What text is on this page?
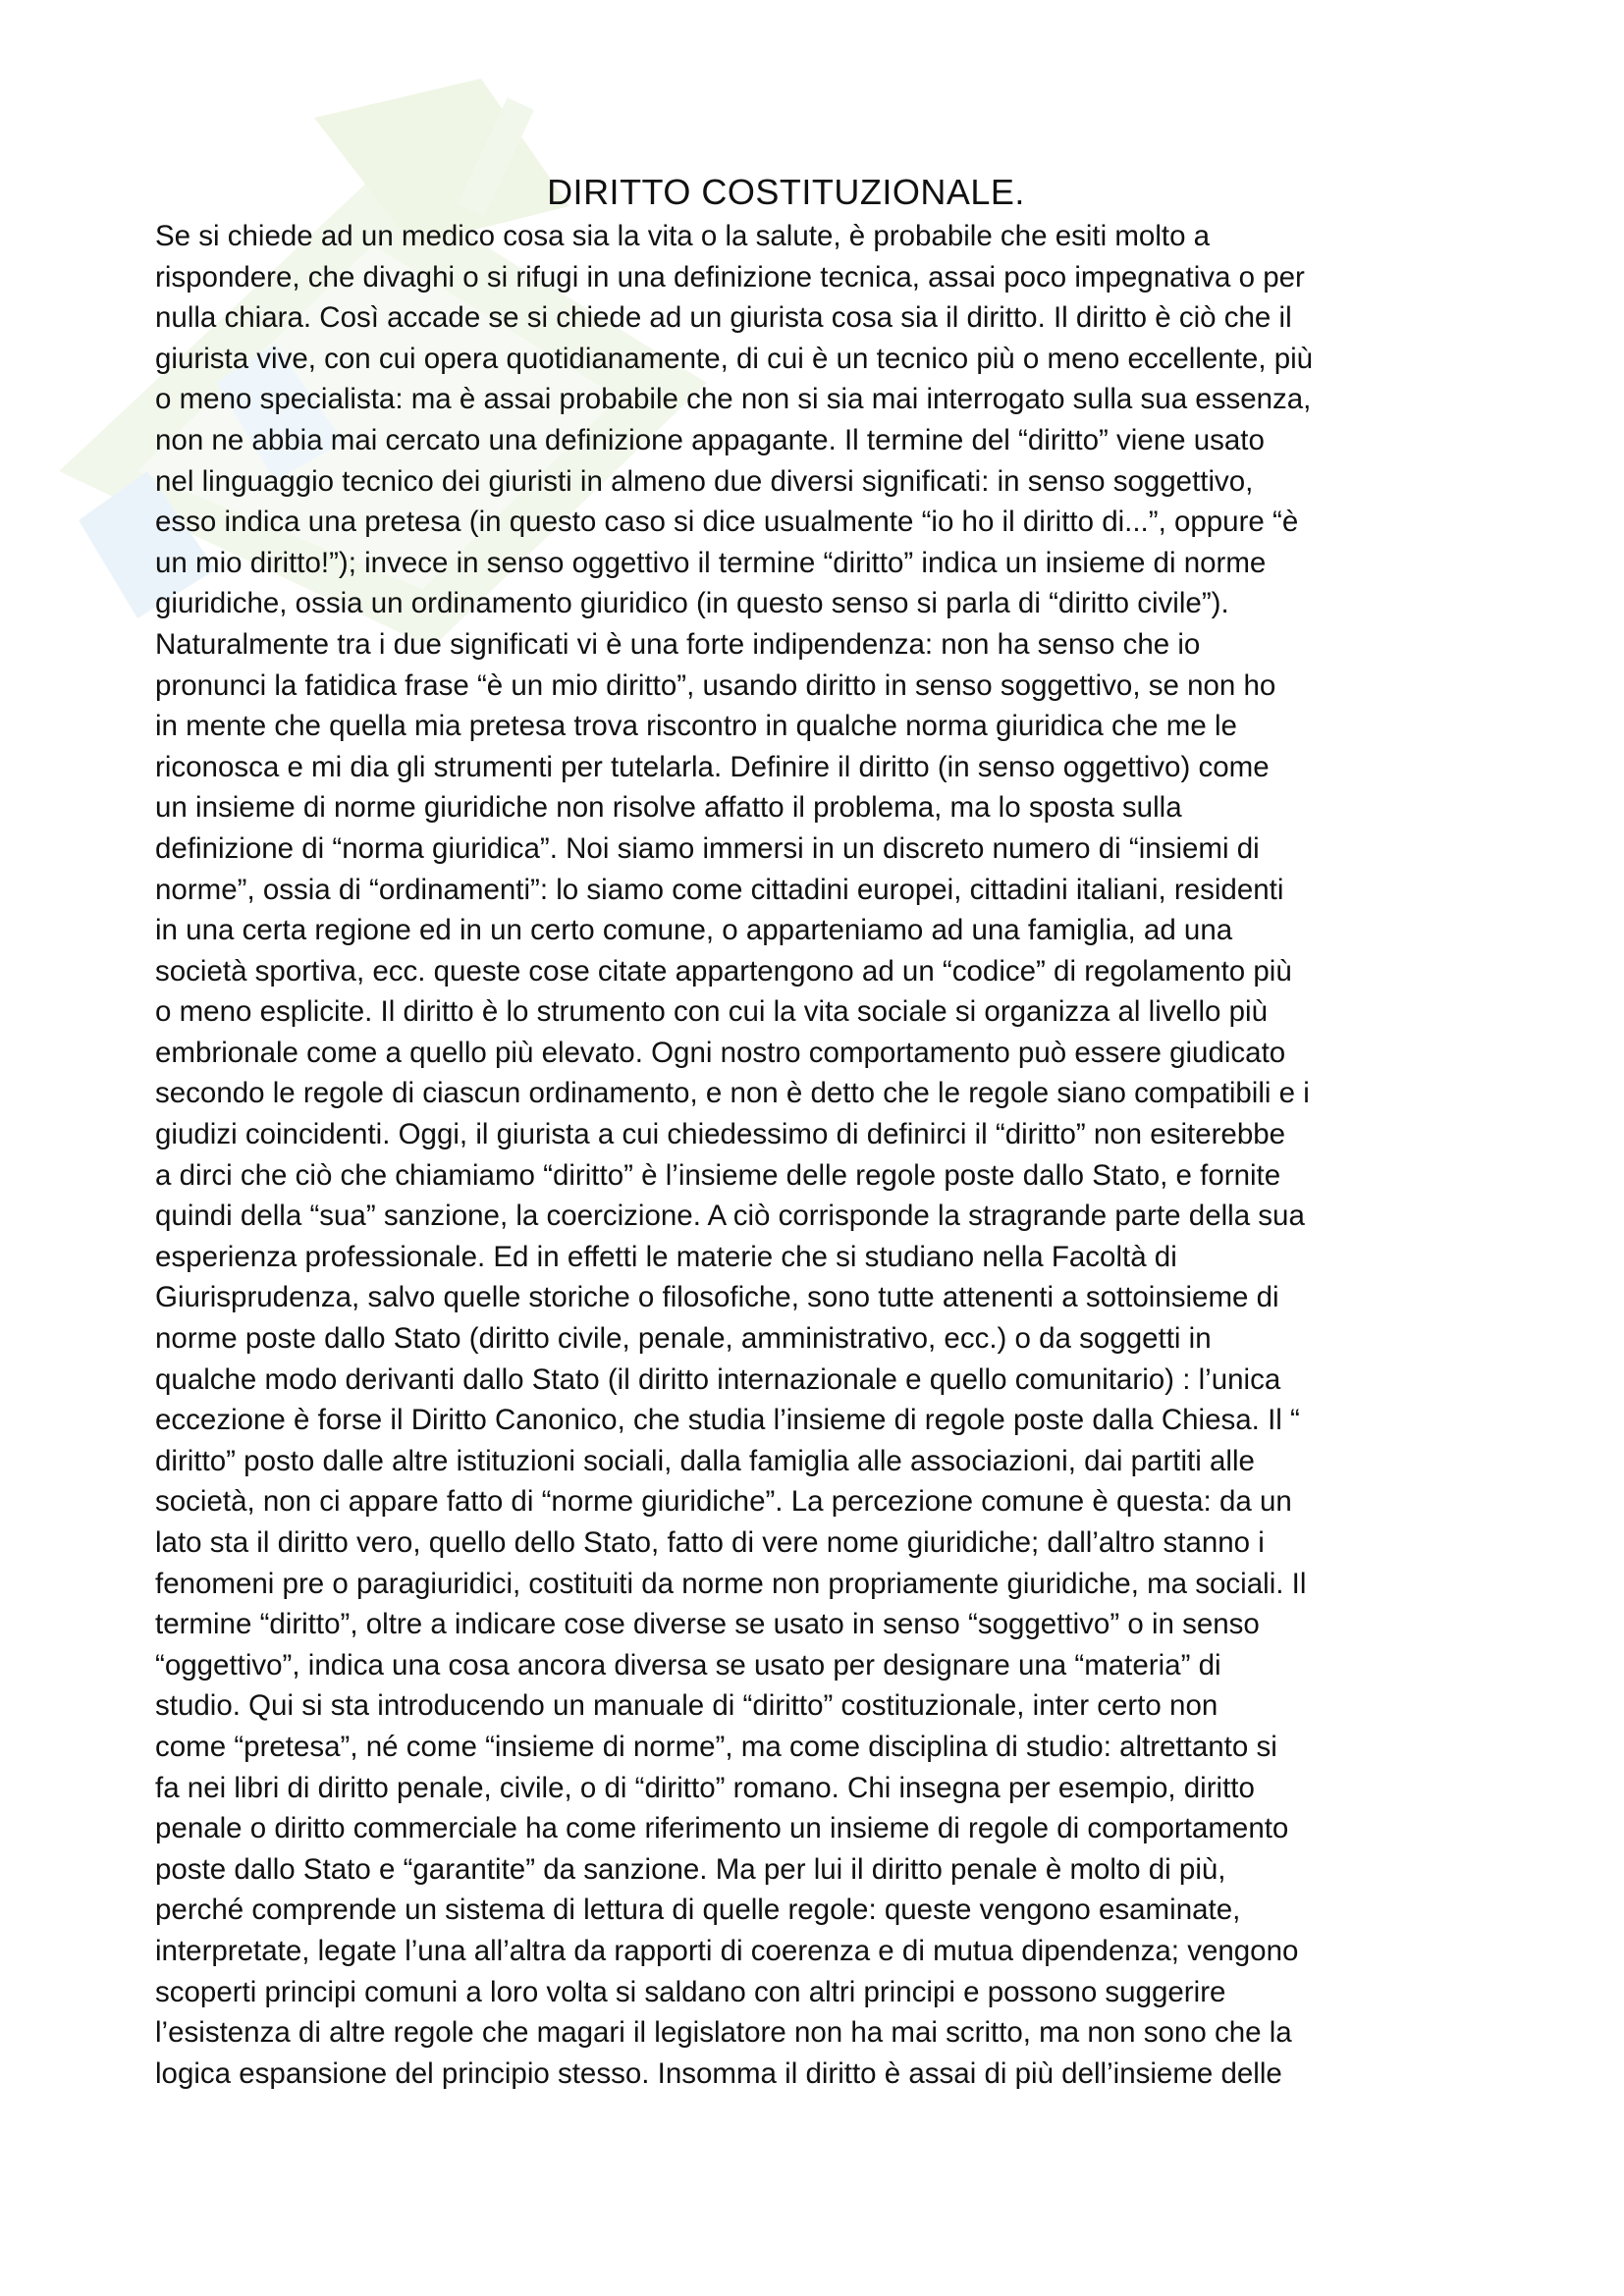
DIRITTO COSTITUZIONALE.

Se si chiede ad un medico cosa sia la vita o la salute, è probabile che esiti molto a

rispondere, che divaghi o si rifugi in una definizione tecnica, assai poco impegnativa o per

nulla chiara. Così accade se si chiede ad un giurista cosa sia il diritto. Il diritto è ciò che il

giurista vive, con cui opera quotidianamente, di cui è un tecnico più o meno eccellente, più

o meno specialista: ma è assai probabile che non si sia mai interrogato sulla sua essenza,

non ne abbia mai cercato una definizione appagante. Il termine del “diritto” viene usato

nel linguaggio tecnico dei giuristi in almeno due diversi significati: in senso soggettivo,

esso indica una pretesa (in questo caso si dice usualmente “io ho il diritto di...”, oppure “è

un mio diritto!”); invece in senso oggettivo il termine “diritto” indica un insieme di norme

giuridiche, ossia un ordinamento giuridico (in questo senso si parla di “diritto civile”).

Naturalmente tra i due significati vi è una forte indipendenza: non ha senso che io

pronunci la fatidica frase “è un mio diritto”, usando diritto in senso soggettivo, se non ho

in mente che quella mia pretesa trova riscontro in qualche norma giuridica che me le

riconosca e mi dia gli strumenti per tutelarla. Definire il diritto (in senso oggettivo) come

un insieme di norme giuridiche non risolve affatto il problema, ma lo sposta sulla

definizione di “norma giuridica”. Noi siamo immersi in un discreto numero di “insiemi di

norme”, ossia di “ordinamenti”: lo siamo come cittadini europei, cittadini italiani, residenti

in una certa regione ed in un certo comune, o apparteniamo ad una famiglia, ad una

società sportiva, ecc. queste cose citate appartengono ad un “codice” di regolamento più

o meno esplicite. Il diritto è lo strumento con cui la vita sociale si organizza al livello più

embrionale come a quello più elevato. Ogni nostro comportamento può essere giudicato

secondo le regole di ciascun ordinamento, e non è detto che le regole siano compatibili e i

giudizi coincidenti. Oggi, il giurista a cui chiedessimo di definirci il “diritto” non esiterebbe

a dirci che ciò che chiamiamo “diritto” è l’insieme delle regole poste dallo Stato, e fornite

quindi della “sua” sanzione, la coercizione. A ciò corrisponde la stragrande parte della sua

esperienza professionale. Ed in effetti le materie che si studiano nella Facoltà di

Giurisprudenza, salvo quelle storiche o filosofiche, sono tutte attenenti a sottoinsieme di

norme poste dallo Stato (diritto civile, penale, amministrativo, ecc.) o da soggetti in

qualche modo derivanti dallo Stato (il diritto internazionale e quello comunitario) : l’unica

eccezione è forse il Diritto Canonico, che studia l’insieme di regole poste dalla Chiesa. Il “

diritto” posto dalle altre istituzioni sociali, dalla famiglia alle associazioni, dai partiti alle

società, non ci appare fatto di “norme giuridiche”. La percezione comune è questa: da un

lato sta il diritto vero, quello dello Stato, fatto di vere nome giuridiche; dall’altro stanno i

fenomeni pre o paragiuridici, costituiti da norme non propriamente giuridiche, ma sociali. Il

termine “diritto”, oltre a indicare cose diverse se usato in senso “soggettivo” o in senso

“oggettivo”, indica una cosa ancora diversa se usato per designare una “materia” di

studio. Qui si sta introducendo un manuale di “diritto” costituzionale, inter certo non

come “pretesa”, né come “insieme di norme”, ma come disciplina di studio: altrettanto si

fa nei libri di diritto penale, civile, o di “diritto” romano. Chi insegna per esempio, diritto

penale o diritto commerciale ha come riferimento un insieme di regole di comportamento

poste dallo Stato e “garantite” da sanzione. Ma per lui il diritto penale è molto di più,

perché comprende un sistema di lettura di quelle regole: queste vengono esaminate,

interpretate, legate l’una all’altra da rapporti di coerenza e di mutua dipendenza; vengono

scoperti principi comuni a loro volta si saldano con altri principi e possono suggerire

l’esistenza di altre regole che magari il legislatore non ha mai scritto, ma non sono che la

logica espansione del principio stesso. Insomma il diritto è assai di più dell’insieme delle
